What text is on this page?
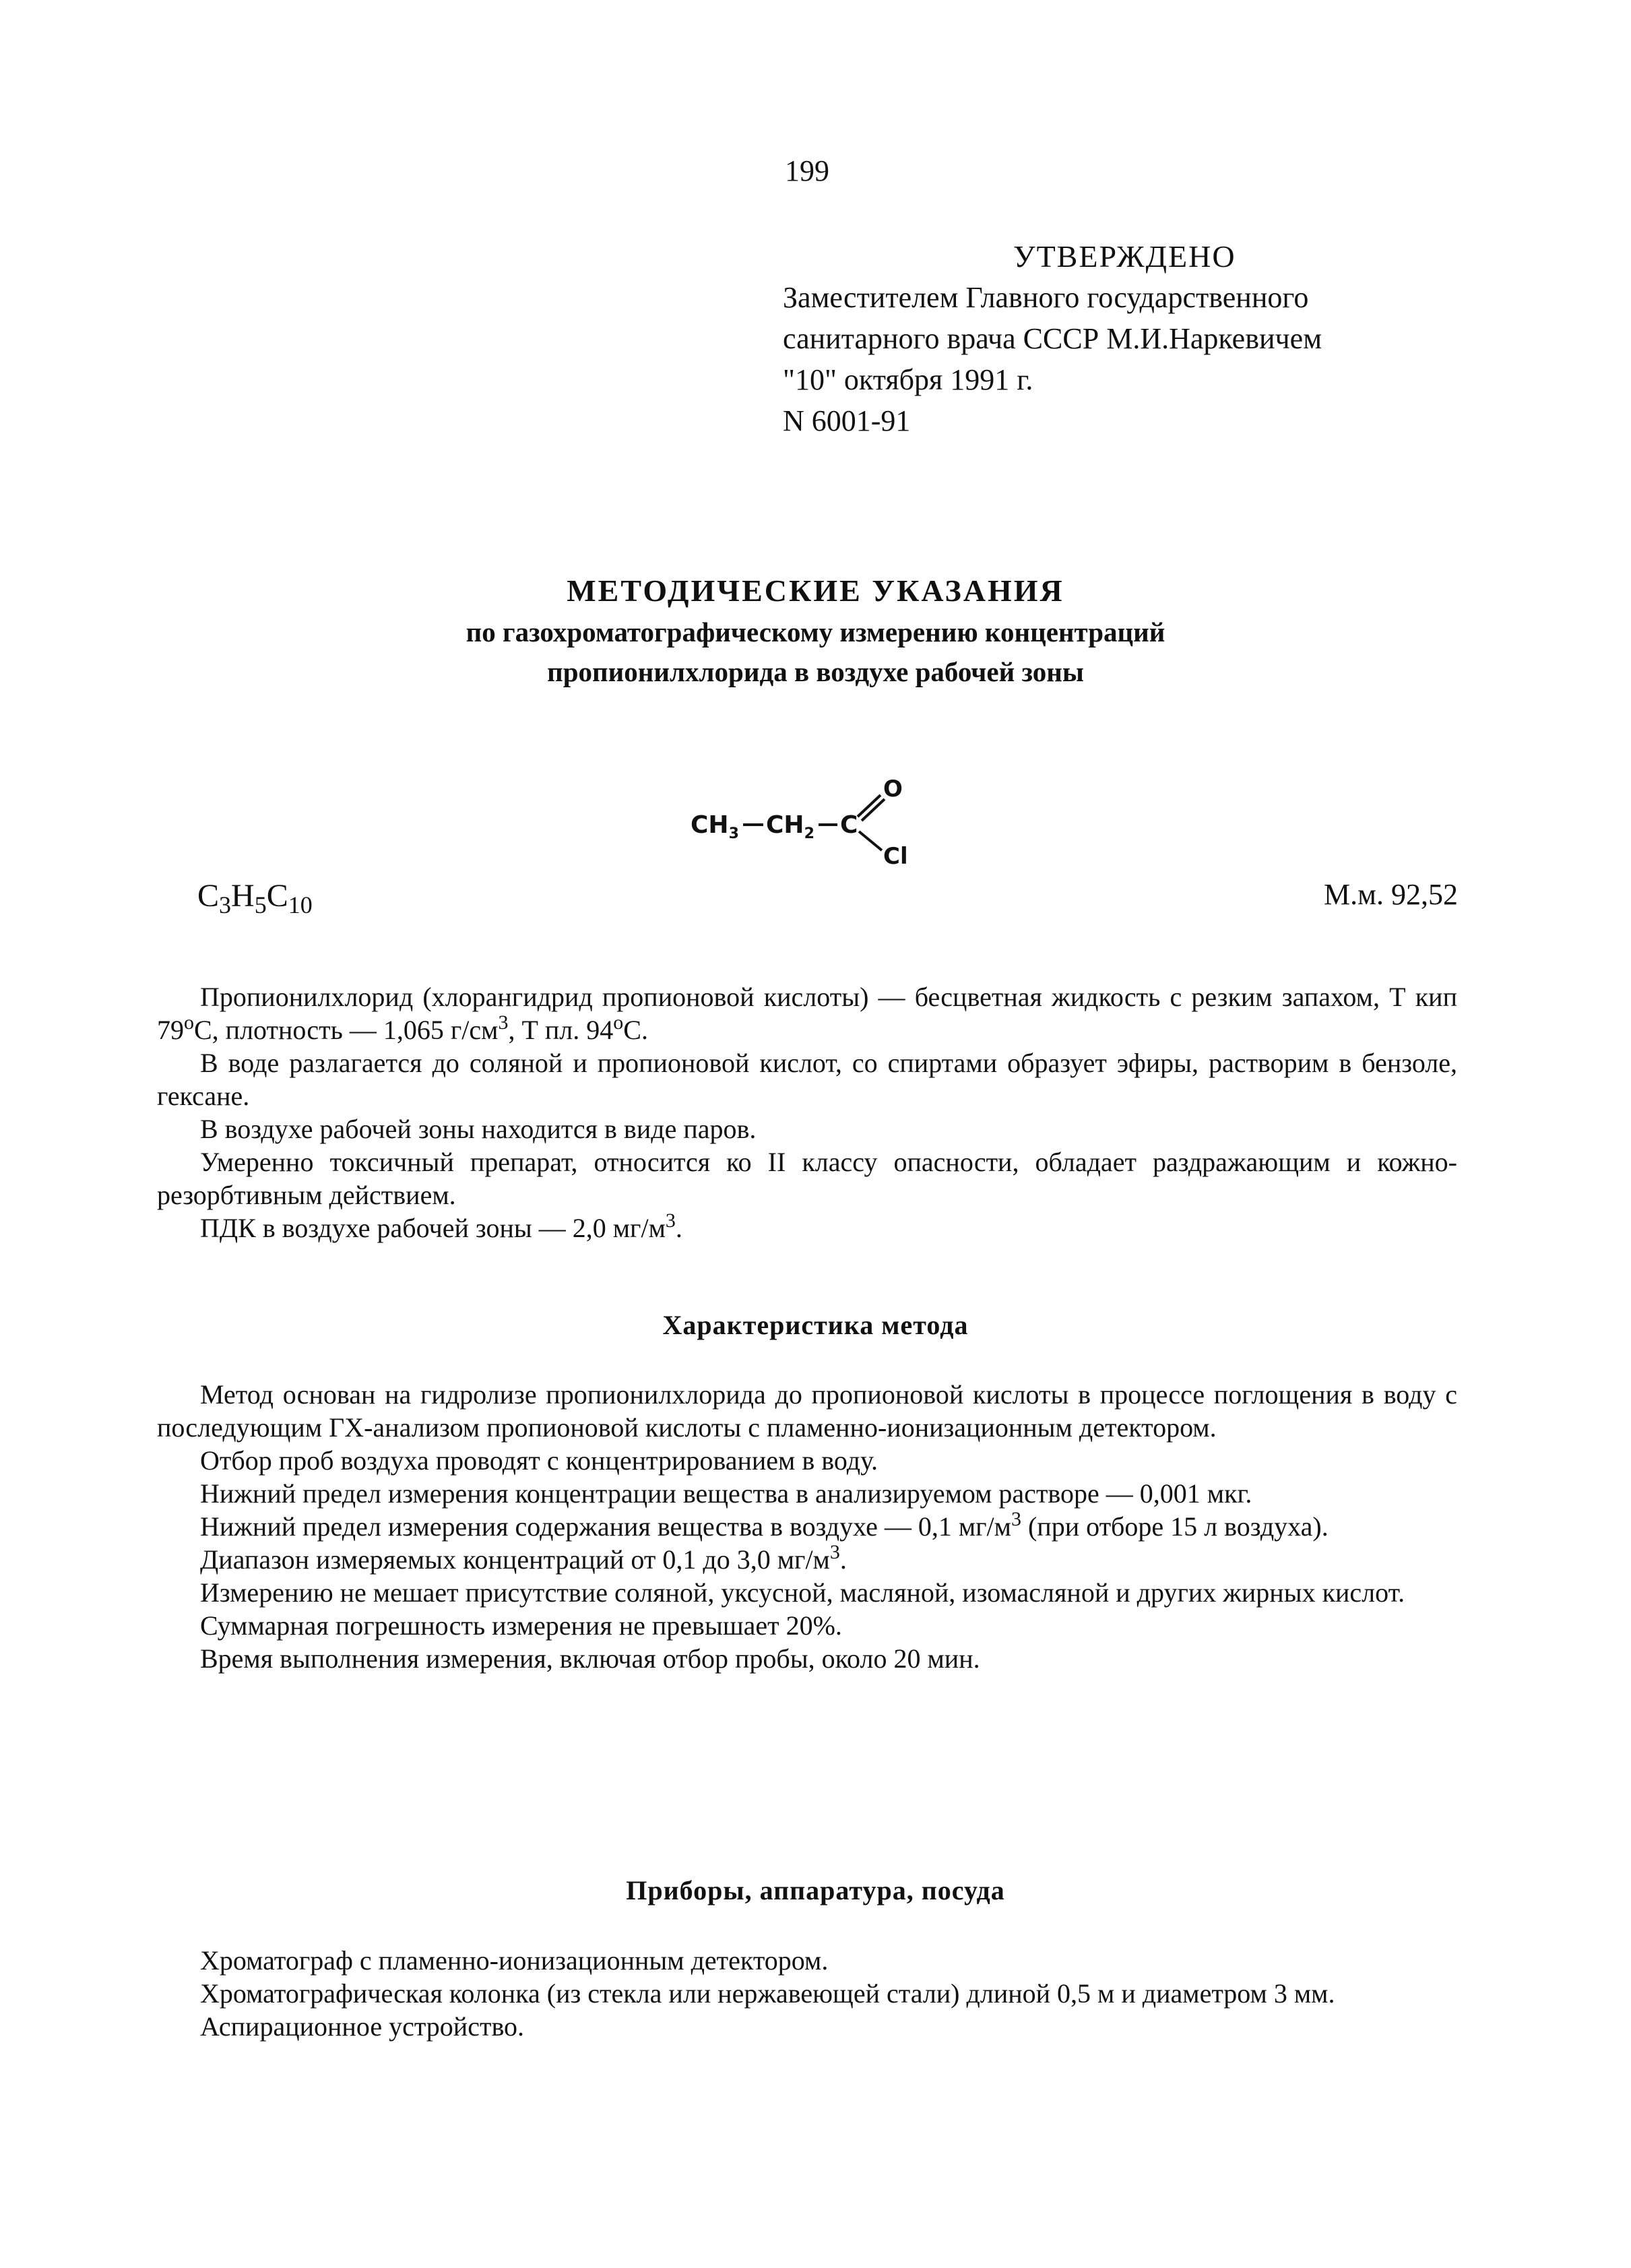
199
УТВЕРЖДЕНО
Заместителем Главного государственного
санитарного врача СССР М.И.Наркевичем
"10" октября 1991 г.
N 6001-91
МЕТОДИЧЕСКИЕ УКАЗАНИЯ
по газохроматографическому измерению концентраций
пропионилхлорида в воздухе рабочей зоны
$CH_3$ $CH_2$ C
O
Cl
$C_3H_5C_{10}$	М.м. 92,52

Пропионилхлорид (хлорангидрид пропионовой кислоты) — бесцветная жидкость с резким запахом, Т кип $79^оС$, плотность — 1,065 $г/см^3$, Т пл. $94^оС$.

В воде разлагается до соляной и пропионовой кислот, со спиртами образует эфиры, растворим в бензоле, гексане.

В воздухе рабочей зоны находится в виде паров.

Умеренно токсичный препарат, относится ко II классу опасности, обладает раздражающим и кожно-резорбтивным действием.

ПДК в воздухе рабочей зоны — 2,0 $мг/м^3$.

Характеристика метода

Метод основан на гидролизе пропионилхлорида до пропионовой кислоты в процессе поглощения в воду с последующим ГХ-анализом пропионовой кислоты с пламенно-ионизационным детектором.

Отбор проб воздуха проводят с концентрированием в воду.

Нижний предел измерения концентрации вещества в анализируемом растворе — 0,001 мкг.

Нижний предел измерения содержания вещества в воздухе — 0,1 $мг/м^3$ (при отборе 15 л воздуха).

Диапазон измеряемых концентраций от 0,1 до 3,0 $мг/м^3$.

Измерению не мешает присутствие соляной, уксусной, масляной, изомасляной и других жирных кислот.

Суммарная погрешность измерения не превышает 20%.

Время выполнения измерения, включая отбор пробы, около 20 мин.

Приборы, аппаратура, посуда

Хроматограф с пламенно-ионизационным детектором.

Хроматографическая колонка (из стекла или нержавеющей стали) длиной 0,5 м и диаметром 3 мм.

Аспирационное устройство.
